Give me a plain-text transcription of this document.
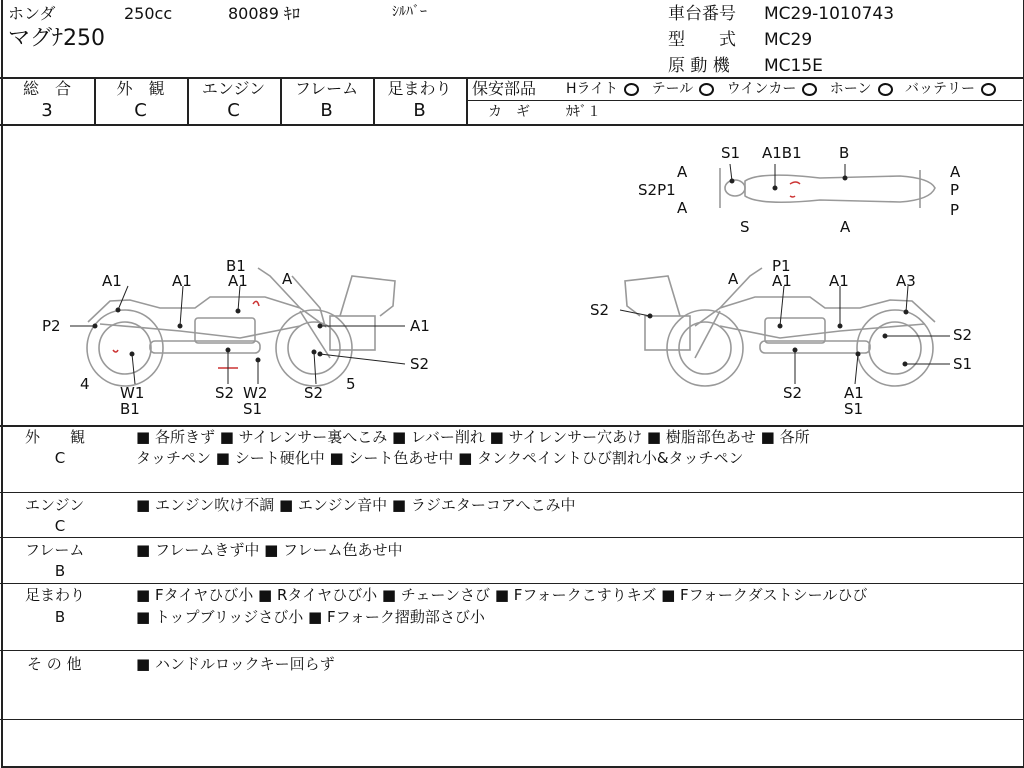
ホンダ	250cc	80089 ｷﾛ	ｼﾙﾊﾞｰ
マグﾅ250
車台番号 MC29-1010743
型　　式 MC29
原 動 機 MC15E
総　合
3
外　観
C
エンジン
C
フレーム
B
足まわり
B
保安部品 Hライト テール ウインカー ホーン バッテリー
カ　ギ	ｶｷﾞ１
S1 A1B1 B
A	A
S2P1	P
A	P
S	A
B1
A1	A
A1 A1
P2	A1
S2
4 W1
B1
S2 W2
S1
S2 5
P1
A A1 A1	A3
S2
S2
S1
S2	A1
S1
外　　観
C
■ 各所きず ■ サイレンサー裏へこみ ■ レバー削れ ■ サイレンサー穴あけ ■ 樹脂部色あせ ■ 各所
タッチペン ■ シート硬化中 ■ シート色あせ中 ■ タンクペイントひび割れ小&タッチペン
エンジン
C
■ エンジン吹け不調 ■ エンジン音中 ■ ラジエターコアへこみ中
フレーム
B
■ フレームきず中 ■ フレーム色あせ中
足まわり
B
■ Fタイヤひび小 ■ Rタイヤひび小 ■ チェーンさび ■ Fフォークこすりキズ ■ Fフォークダストシールひび
■ トップブリッジさび小 ■ Fフォーク摺動部さび小
そ の 他	■ ハンドルロックキー回らず
